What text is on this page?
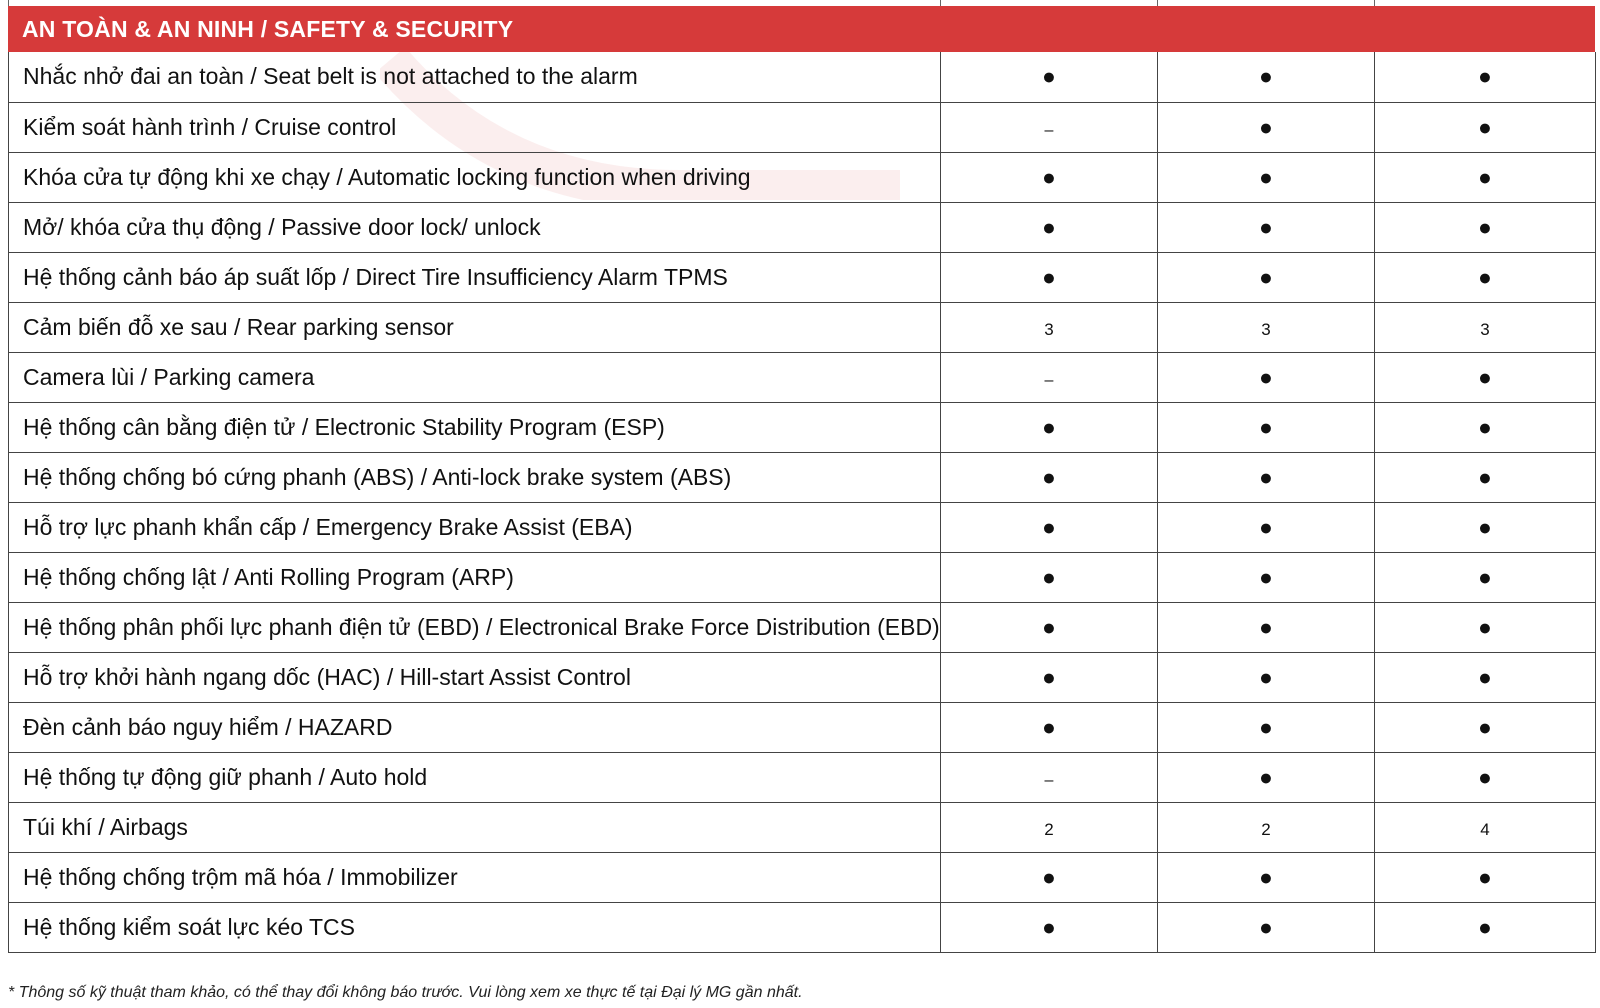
AN TOÀN & AN NINH / SAFETY & SECURITY
Nhắc nhở đai an toàn / Seat belt is not attached to the alarm	●	●	●
Kiểm soát hành trình / Cruise control	–	●	●
Khóa cửa tự động khi xe chạy / Automatic locking function when driving	●	●	●
Mở/ khóa cửa thụ động / Passive door lock/ unlock	●	●	●
Hệ thống cảnh báo áp suất lốp / Direct Tire Insufficiency Alarm TPMS	●	●	●
Cảm biến đỗ xe sau / Rear parking sensor	3	3	3
Camera lùi / Parking camera	–	●	●
Hệ thống cân bằng điện tử / Electronic Stability Program (ESP)	●	●	●
Hệ thống chống bó cứng phanh (ABS) / Anti-lock brake system (ABS)	●	●	●
Hỗ trợ lực phanh khẩn cấp / Emergency Brake Assist (EBA)	●	●	●
Hệ thống chống lật / Anti Rolling Program (ARP)	●	●	●
Hệ thống phân phối lực phanh điện tử (EBD) / Electronical Brake Force Distribution (EBD)	●	●	●
Hỗ trợ khởi hành ngang dốc (HAC) / Hill-start Assist Control	●	●	●
Đèn cảnh báo nguy hiểm / HAZARD	●	●	●
Hệ thống tự động giữ phanh / Auto hold	–	●	●
Túi khí / Airbags	2	2	4
Hệ thống chống trộm mã hóa / Immobilizer	●	●	●
Hệ thống kiểm soát lực kéo TCS	●	●	●
* Thông số kỹ thuật tham khảo, có thể thay đổi không báo trước. Vui lòng xem xe thực tế tại Đại lý MG gần nhất.
